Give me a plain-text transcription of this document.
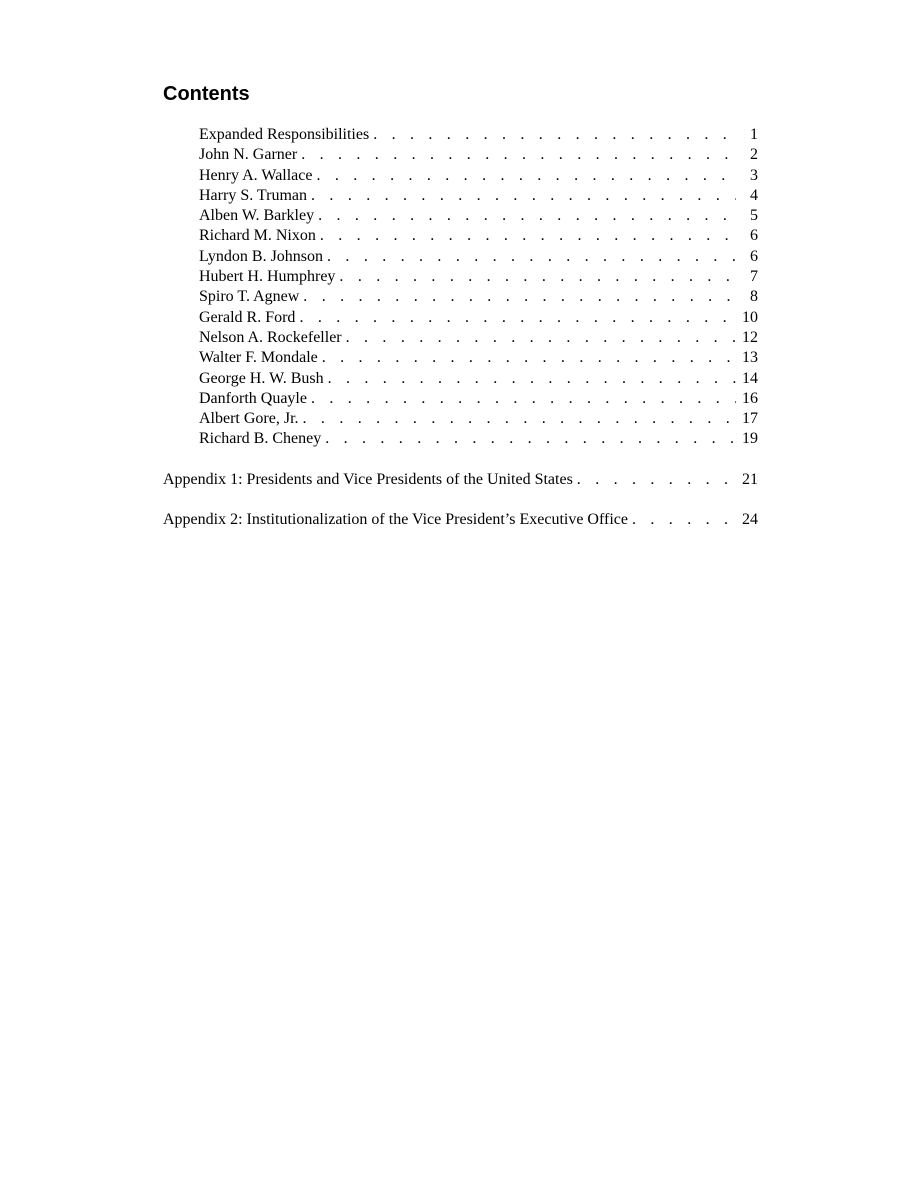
Contents
Expanded Responsibilities . . .	1
John N. Garner . . .	2
Henry A. Wallace . . .	3
Harry S. Truman . . .	4
Alben W. Barkley . . .	5
Richard M. Nixon . . .	6
Lyndon B. Johnson . . .	6
Hubert H. Humphrey . . .	7
Spiro T. Agnew . . .	8
Gerald R. Ford . . .	10
Nelson A. Rockefeller . . .	12
Walter F. Mondale . . .	13
George H. W. Bush . . .	14
Danforth Quayle . . .	16
Albert Gore, Jr. . . .	17
Richard B. Cheney . . .	19
Appendix 1: Presidents and Vice Presidents of the United States . . .	21
Appendix 2: Institutionalization of the Vice President’s Executive Office . . .	24
